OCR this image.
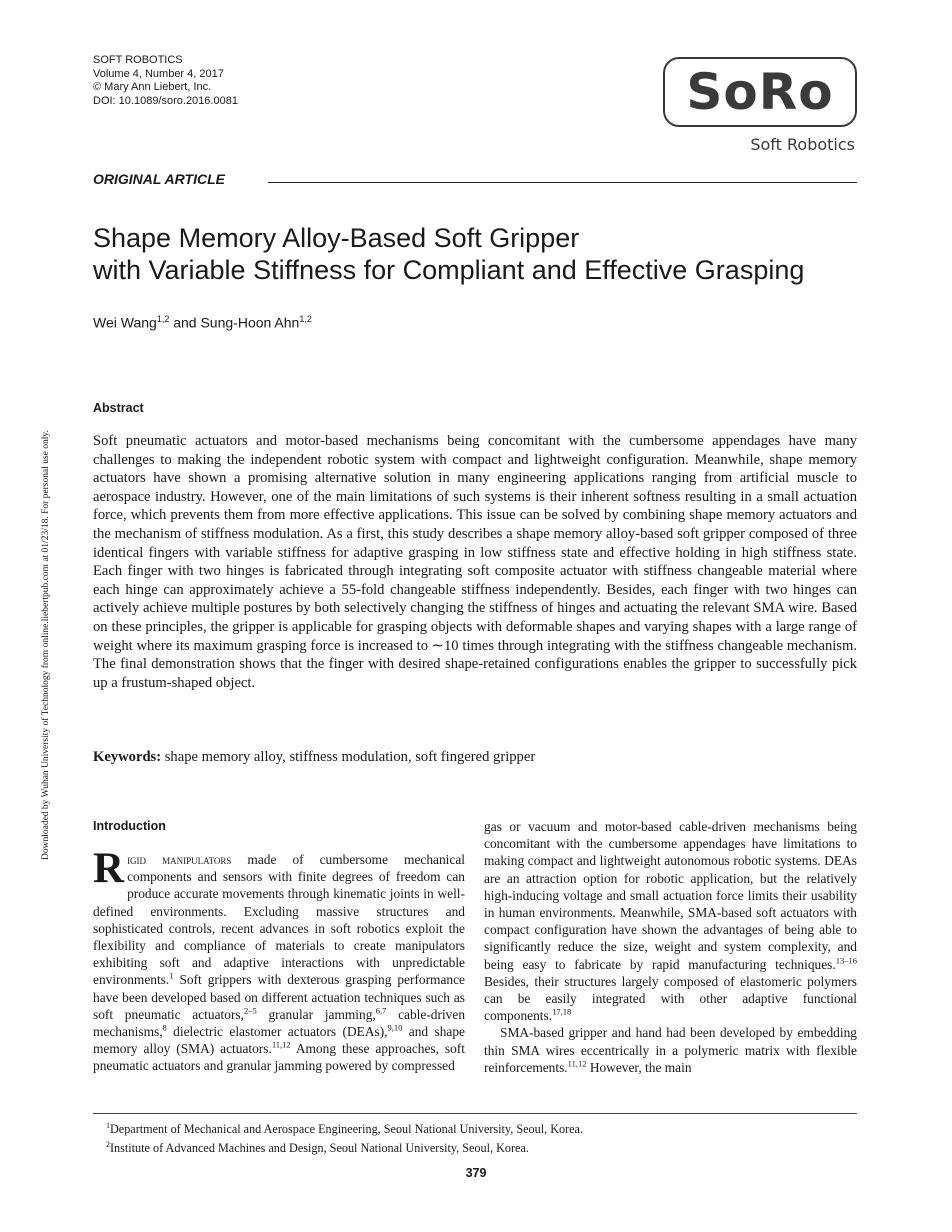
SOFT ROBOTICS
Volume 4, Number 4, 2017
© Mary Ann Liebert, Inc.
DOI: 10.1089/soro.2016.0081	SoRo
Soft Robotics
ORIGINAL ARTICLE
Shape Memory Alloy-Based Soft Gripper
with Variable Stiffness for Compliant and Effective Grasping
Wei Wang$^{1,2}$ and Sung-Hoon Ahn$^{1,2}$
Downloaded by Wuhan University of Technology from online.liebertpub.com at 01/23/18. For personal use only.
Abstract

Soft pneumatic actuators and motor-based mechanisms being concomitant with the cumbersome appendages have many challenges to making the independent robotic system with compact and lightweight configuration. Meanwhile, shape memory actuators have shown a promising alternative solution in many engineering applications ranging from artificial muscle to aerospace industry. However, one of the main limitations of such systems is their inherent softness resulting in a small actuation force, which prevents them from more effective applications. This issue can be solved by combining shape memory actuators and the mechanism of stiffness modulation. As a first, this study describes a shape memory alloy-based soft gripper composed of three identical fingers with variable stiffness for adaptive grasping in low stiffness state and effective holding in high stiffness state. Each finger with two hinges is fabricated through integrating soft composite actuator with stiffness changeable material where each hinge can approximately achieve a 55-fold changeable stiffness independently. Besides, each finger with two hinges can actively achieve multiple postures by both selectively changing the stiffness of hinges and actuating the relevant SMA wire. Based on these principles, the gripper is applicable for grasping objects with deformable shapes and varying shapes with a large range of weight where its maximum grasping force is increased to ∼10 times through integrating with the stiffness changeable mechanism. The final demonstration shows that the finger with desired shape-retained configurations enables the gripper to successfully pick up a frustum-shaped object.

Keywords: shape memory alloy, stiffness modulation, soft fingered gripper
Introduction

Rigid manipulators made of cumbersome mechanical components and sensors with finite degrees of freedom can produce accurate movements through kinematic joints in well-defined environments. Excluding massive structures and sophisticated controls, recent advances in soft robotics exploit the flexibility and compliance of materials to create manipulators exhibiting soft and adaptive interactions with unpredictable environments.$^1$ Soft grippers with dexterous grasping performance have been developed based on different actuation techniques such as soft pneumatic actuators,$^{2-5}$ granular jamming,$^{6,7}$ cable-driven mechanisms,$^8$ dielectric elastomer actuators (DEAs),$^{9,10}$ and shape memory alloy (SMA) actuators.$^{11,12}$ Among these approaches, soft pneumatic actuators and granular jamming powered by compressed

gas or vacuum and motor-based cable-driven mechanisms being concomitant with the cumbersome appendages have limitations to making compact and lightweight autonomous robotic systems. DEAs are an attraction option for robotic application, but the relatively high-inducing voltage and small actuation force limits their usability in human environments. Meanwhile, SMA-based soft actuators with compact configuration have shown the advantages of being able to significantly reduce the size, weight and system complexity, and being easy to fabricate by rapid manufacturing techniques.$^{13-16}$ Besides, their structures largely composed of elastomeric polymers can be easily integrated with other adaptive functional components.$^{17,18}$

SMA-based gripper and hand had been developed by embedding thin SMA wires eccentrically in a polymeric matrix with flexible reinforcements.$^{11,12}$ However, the main

$^1$Department of Mechanical and Aerospace Engineering, Seoul National University, Seoul, Korea.
$^2$Institute of Advanced Machines and Design, Seoul National University, Seoul, Korea.
379
